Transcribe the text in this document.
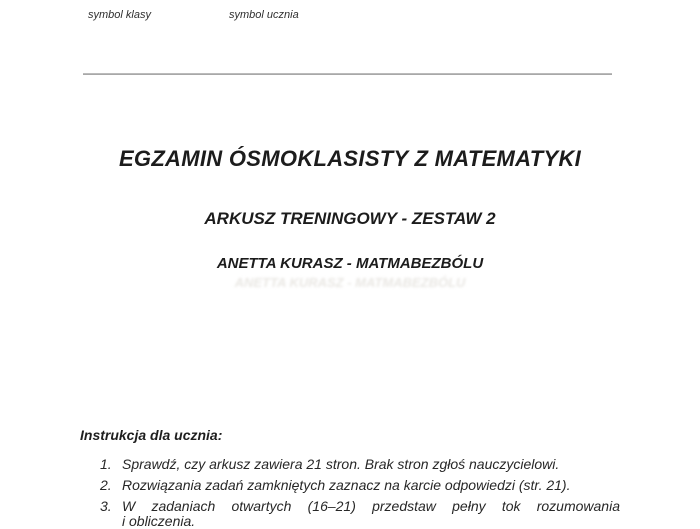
symbol klasy	symbol ucznia
EGZAMIN ÓSMOKLASISTY Z MATEMATYKI
ARKUSZ TRENINGOWY - ZESTAW 2
ANETTA KURASZ - MATMABEZBÓLU
ANETTA KURASZ - MATMABEZBÓLU
Instrukcja dla ucznia:
1. Sprawdź, czy arkusz zawiera 21 stron. Brak stron zgłoś nauczycielowi.
2. Rozwiązania zadań zamkniętych zaznacz na karcie odpowiedzi (str. 21).
3. W zadaniach otwartych (16–21) przedstaw pełny tok rozumowania
i obliczenia.
